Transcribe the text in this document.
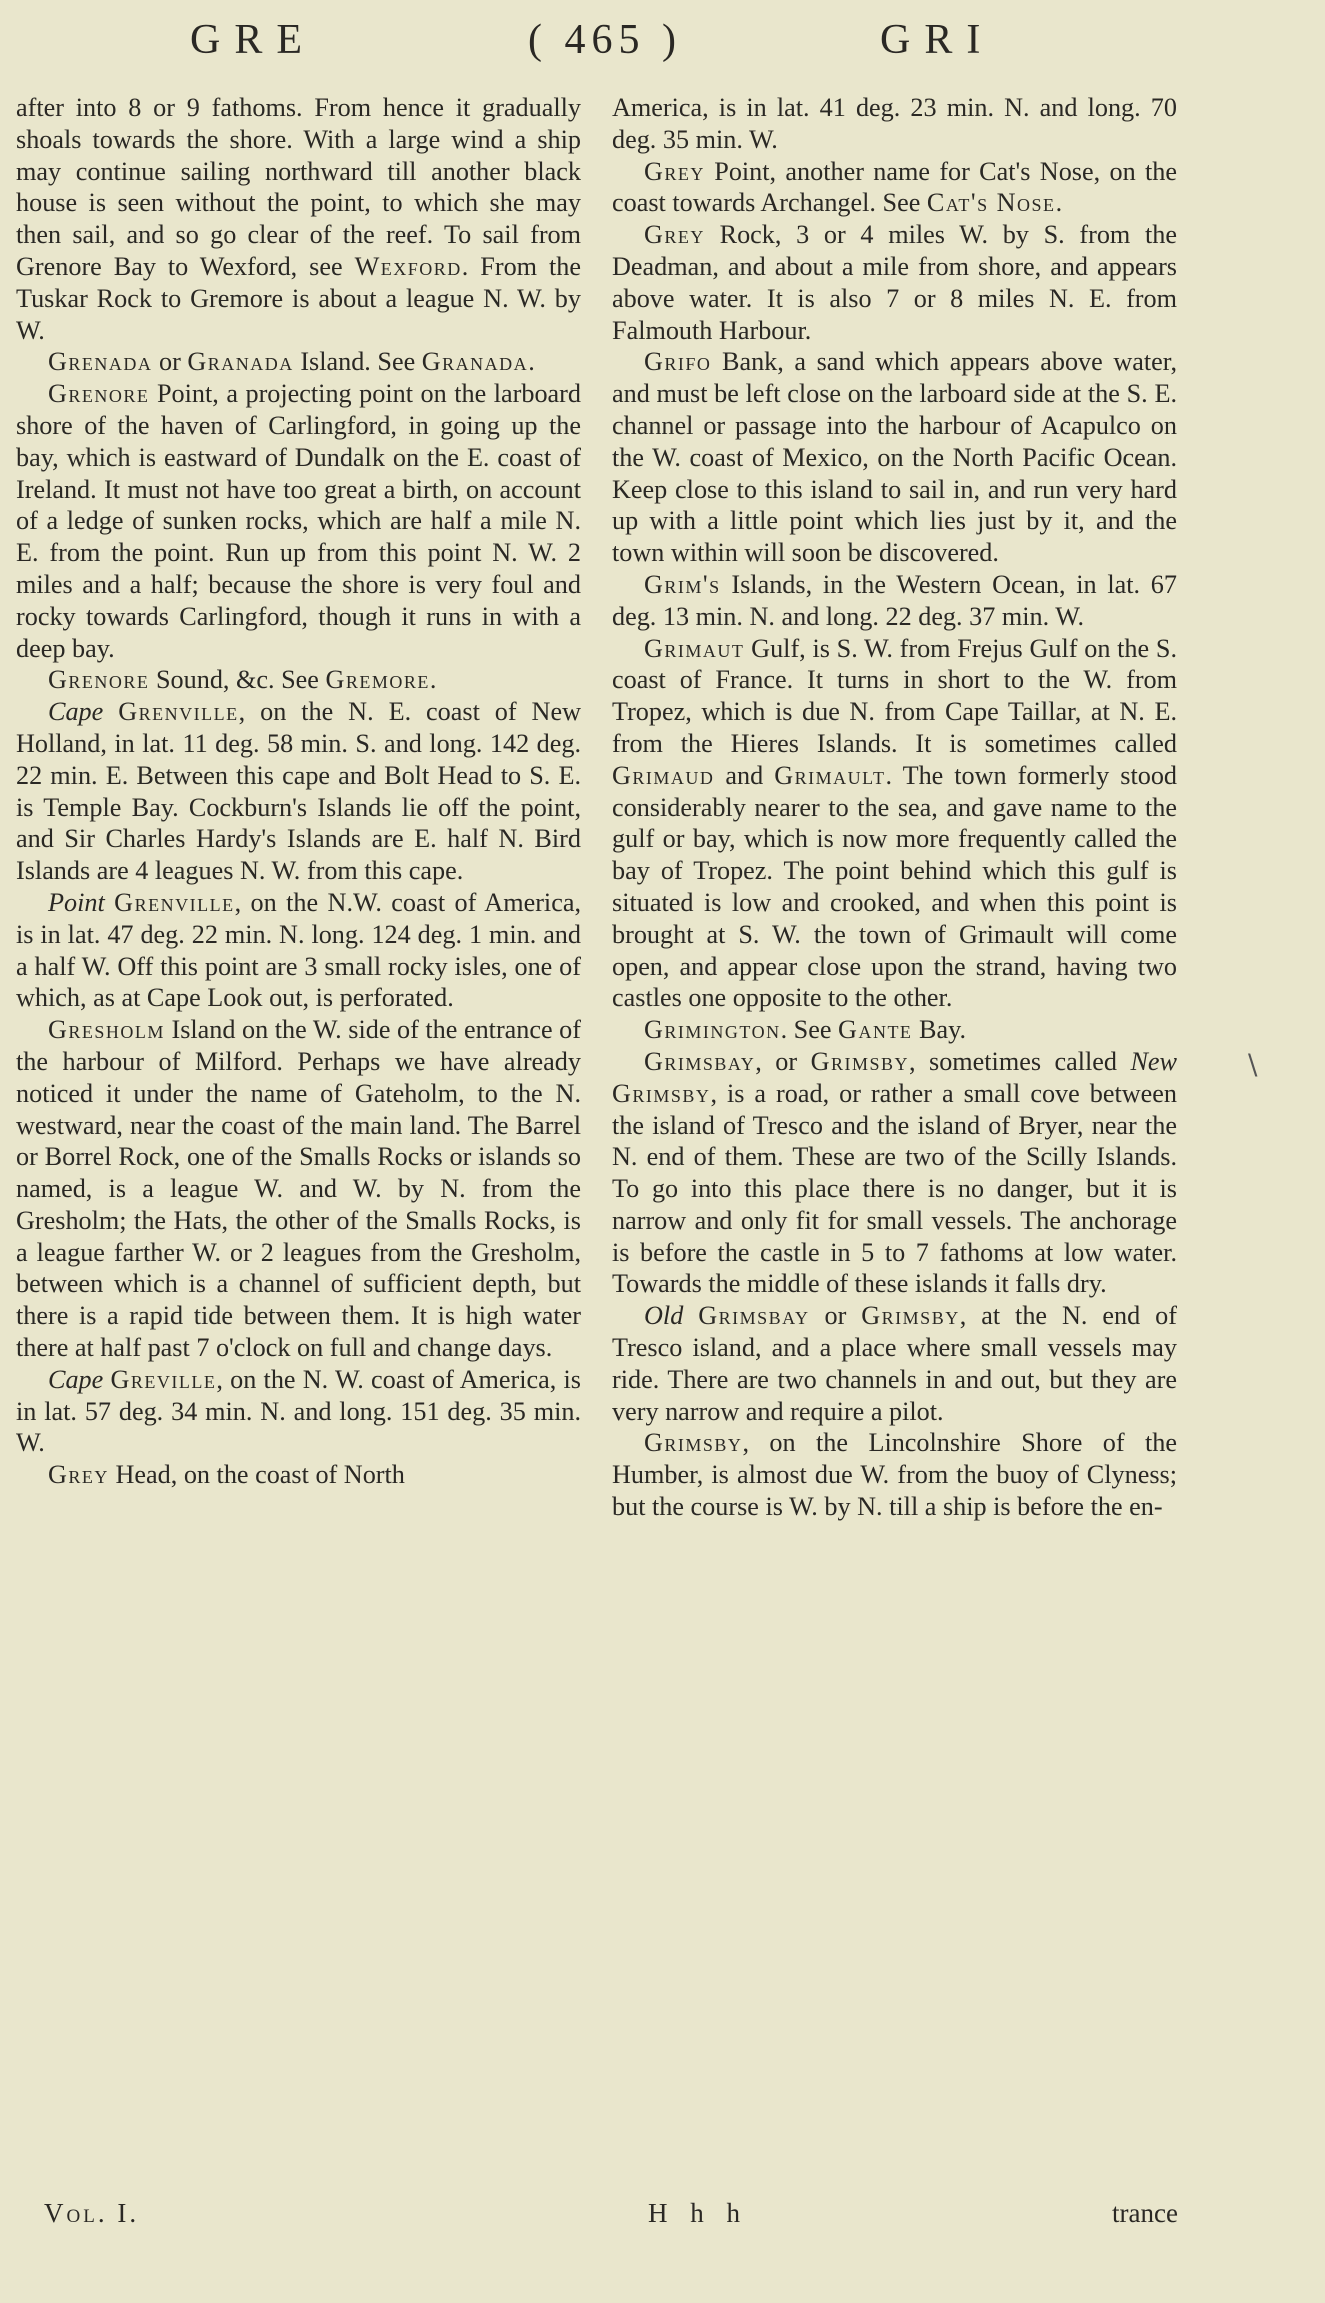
GRE	( 465 )	GRI

after into 8 or 9 fathoms. From hence it gradually shoals towards the shore. With a large wind a ship may continue sailing northward till another black house is seen without the point, to which she may then sail, and so go clear of the reef. To sail from Grenore Bay to Wexford, see Wexford. From the Tuskar Rock to Gremore is about a league N. W. by W.

Grenada or Granada Island. See Granada.

Grenore Point, a projecting point on the larboard shore of the haven of Carlingford, in going up the bay, which is eastward of Dundalk on the E. coast of Ireland. It must not have too great a birth, on account of a ledge of sunken rocks, which are half a mile N. E. from the point. Run up from this point N. W. 2 miles and a half; because the shore is very foul and rocky towards Carlingford, though it runs in with a deep bay.

Grenore Sound, &c. See Gremore.

Cape Grenville, on the N. E. coast of New Holland, in lat. 11 deg. 58 min. S. and long. 142 deg. 22 min. E. Between this cape and Bolt Head to S. E. is Temple Bay. Cockburn's Islands lie off the point, and Sir Charles Hardy's Islands are E. half N. Bird Islands are 4 leagues N. W. from this cape.

Point Grenville, on the N.W. coast of America, is in lat. 47 deg. 22 min. N. long. 124 deg. 1 min. and a half W. Off this point are 3 small rocky isles, one of which, as at Cape Look out, is perforated.

Gresholm Island on the W. side of the entrance of the harbour of Milford. Perhaps we have already noticed it under the name of Gateholm, to the N. westward, near the coast of the main land. The Barrel or Borrel Rock, one of the Smalls Rocks or islands so named, is a league W. and W. by N. from the Gresholm; the Hats, the other of the Smalls Rocks, is a league farther W. or 2 leagues from the Gresholm, between which is a channel of sufficient depth, but there is a rapid tide between them. It is high water there at half past 7 o'clock on full and change days.

Cape Greville, on the N. W. coast of America, is in lat. 57 deg. 34 min. N. and long. 151 deg. 35 min. W.

Grey Head, on the coast of North

America, is in lat. 41 deg. 23 min. N. and long. 70 deg. 35 min. W.

Grey Point, another name for Cat's Nose, on the coast towards Archangel. See Cat's Nose.

Grey Rock, 3 or 4 miles W. by S. from the Deadman, and about a mile from shore, and appears above water. It is also 7 or 8 miles N. E. from Falmouth Harbour.

Grifo Bank, a sand which appears above water, and must be left close on the larboard side at the S. E. channel or passage into the harbour of Acapulco on the W. coast of Mexico, on the North Pacific Ocean. Keep close to this island to sail in, and run very hard up with a little point which lies just by it, and the town within will soon be discovered.

Grim's Islands, in the Western Ocean, in lat. 67 deg. 13 min. N. and long. 22 deg. 37 min. W.

Grimaut Gulf, is S. W. from Frejus Gulf on the S. coast of France. It turns in short to the W. from Tropez, which is due N. from Cape Taillar, at N. E. from the Hieres Islands. It is sometimes called Grimaud and Grimault. The town formerly stood considerably nearer to the sea, and gave name to the gulf or bay, which is now more frequently called the bay of Tropez. The point behind which this gulf is situated is low and crooked, and when this point is brought at S. W. the town of Grimault will come open, and appear close upon the strand, having two castles one opposite to the other.

Grimington. See Gante Bay.

Grimsbay, or Grimsby, sometimes called New Grimsby, is a road, or rather a small cove between the island of Tresco and the island of Bryer, near the N. end of them. These are two of the Scilly Islands. To go into this place there is no danger, but it is narrow and only fit for small vessels. The anchorage is before the castle in 5 to 7 fathoms at low water. Towards the middle of these islands it falls dry.

Old Grimsbay or Grimsby, at the N. end of Tresco island, and a place where small vessels may ride. There are two channels in and out, but they are very narrow and require a pilot.

Grimsby, on the Lincolnshire Shore of the Humber, is almost due W. from the buoy of Clyness; but the course is W. by N. till a ship is before the en-

\
Vol. I.	H h h	trance
